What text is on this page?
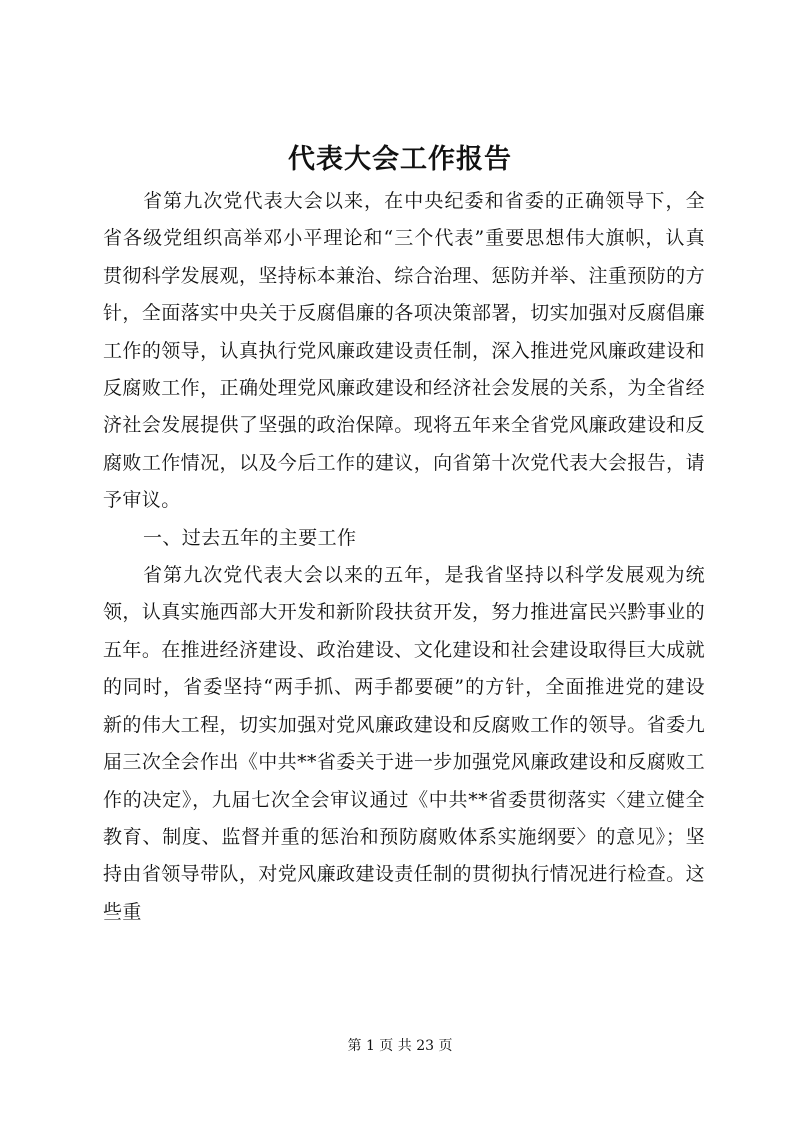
代表大会工作报告

省第九次党代表大会以来，在中央纪委和省委的正确领导下，全省各级党组织高举邓小平理论和“三个代表”重要思想伟大旗帜，认真贯彻科学发展观，坚持标本兼治、综合治理、惩防并举、注重预防的方针，全面落实中央关于反腐倡廉的各项决策部署，切实加强对反腐倡廉工作的领导，认真执行党风廉政建设责任制，深入推进党风廉政建设和反腐败工作，正确处理党风廉政建设和经济社会发展的关系，为全省经济社会发展提供了坚强的政治保障。现将五年来全省党风廉政建设和反腐败工作情况，以及今后工作的建议，向省第十次党代表大会报告，请予审议。

一、过去五年的主要工作

省第九次党代表大会以来的五年，是我省坚持以科学发展观为统领，认真实施西部大开发和新阶段扶贫开发，努力推进富民兴黔事业的五年。在推进经济建设、政治建设、文化建设和社会建设取得巨大成就的同时，省委坚持“两手抓、两手都要硬”的方针，全面推进党的建设新的伟大工程，切实加强对党风廉政建设和反腐败工作的领导。省委九届三次全会作出《中共**省委关于进一步加强党风廉政建设和反腐败工作的决定》，九届七次全会审议通过《中共**省委贯彻落实〈建立健全教育、制度、监督并重的惩治和预防腐败体系实施纲要〉的意见》；坚持由省领导带队，对党风廉政建设责任制的贯彻执行情况进行检查。这些重

第 1 页 共 23 页
